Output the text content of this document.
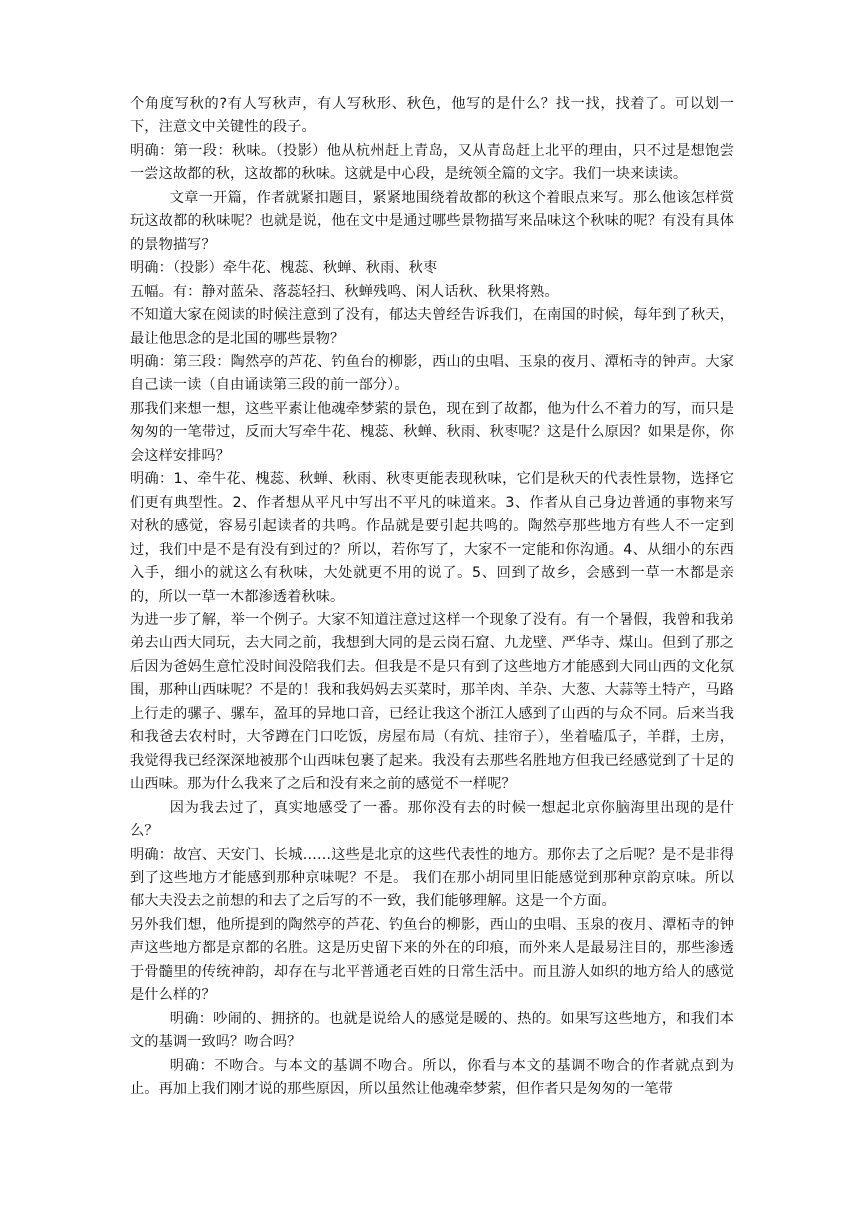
个角度写秋的?有人写秋声，有人写秋形、秋色，他写的是什么？找一找，找着了。可以划一下，注意文中关键性的段子。

明确：第一段：秋味。（投影）他从杭州赶上青岛，又从青岛赶上北平的理由，只不过是想饱尝一尝这故都的秋，这故都的秋味。这就是中心段，是统领全篇的文字。我们一块来读读。

文章一开篇，作者就紧扣题目，紧紧地围绕着故都的秋这个着眼点来写。那么他该怎样赏玩这故都的秋味呢？也就是说，他在文中是通过哪些景物描写来品味这个秋味的呢？有没有具体的景物描写？

明确：（投影）牵牛花、槐蕊、秋蝉、秋雨、秋枣

五幅。有：静对蓝朵、落蕊轻扫、秋蝉残鸣、闲人话秋、秋果将熟。

不知道大家在阅读的时候注意到了没有，郁达夫曾经告诉我们，在南国的时候，每年到了秋天，最让他思念的是北国的哪些景物？

明确：第三段：陶然亭的芦花、钓鱼台的柳影，西山的虫唱、玉泉的夜月、潭柘寺的钟声。大家自己读一读（自由诵读第三段的前一部分）。

那我们来想一想，这些平素让他魂牵梦萦的景色，现在到了故都，他为什么不着力的写，而只是匆匆的一笔带过，反而大写牵牛花、槐蕊、秋蝉、秋雨、秋枣呢？这是什么原因？如果是你，你会这样安排吗？

明确：1、牵牛花、槐蕊、秋蝉、秋雨、秋枣更能表现秋味，它们是秋天的代表性景物，选择它们更有典型性。2、作者想从平凡中写出不平凡的味道来。3、作者从自己身边普通的事物来写对秋的感觉，容易引起读者的共鸣。作品就是要引起共鸣的。陶然亭那些地方有些人不一定到过，我们中是不是有没有到过的？所以，若你写了，大家不一定能和你沟通。4、从细小的东西入手，细小的就这么有秋味，大处就更不用的说了。5、回到了故乡，会感到一草一木都是亲的，所以一草一木都渗透着秋味。

为进一步了解，举一个例子。大家不知道注意过这样一个现象了没有。有一个暑假，我曾和我弟弟去山西大同玩，去大同之前，我想到大同的是云岗石窟、九龙壁、严华寺、煤山。但到了那之后因为爸妈生意忙没时间没陪我们去。但我是不是只有到了这些地方才能感到大同山西的文化氛围，那种山西味呢？不是的！我和我妈妈去买菜时，那羊肉、羊杂、大葱、大蒜等土特产，马路上行走的骡子、骡车，盈耳的异地口音，已经让我这个浙江人感到了山西的与众不同。后来当我和我爸去农村时，大爷蹲在门口吃饭，房屋布局（有炕、挂帘子），坐着嗑瓜子，羊群，土房，我觉得我已经深深地被那个山西味包裹了起来。我没有去那些名胜地方但我已经感觉到了十足的山西味。那为什么我来了之后和没有来之前的感觉不一样呢？

因为我去过了，真实地感受了一番。那你没有去的时候一想起北京你脑海里出现的是什么？

明确：故宫、天安门、长城……这些是北京的这些代表性的地方。那你去了之后呢？是不是非得到了这些地方才能感到那种京味呢？不是。 我们在那小胡同里旧能感觉到那种京韵京味。所以郁大夫没去之前想的和去了之后写的不一致，我们能够理解。这是一个方面。

另外我们想，他所提到的陶然亭的芦花、钓鱼台的柳影，西山的虫唱、玉泉的夜月、潭柘寺的钟声这些地方都是京都的名胜。这是历史留下来的外在的印痕，而外来人是最易注目的，那些渗透于骨髓里的传统神韵，却存在与北平普通老百姓的日常生活中。而且游人如织的地方给人的感觉是什么样的？

明确：吵闹的、拥挤的。也就是说给人的感觉是暖的、热的。如果写这些地方，和我们本文的基调一致吗？吻合吗？

明确：不吻合。与本文的基调不吻合。所以，你看与本文的基调不吻合的作者就点到为止。再加上我们刚才说的那些原因，所以虽然让他魂牵梦萦，但作者只是匆匆的一笔带
